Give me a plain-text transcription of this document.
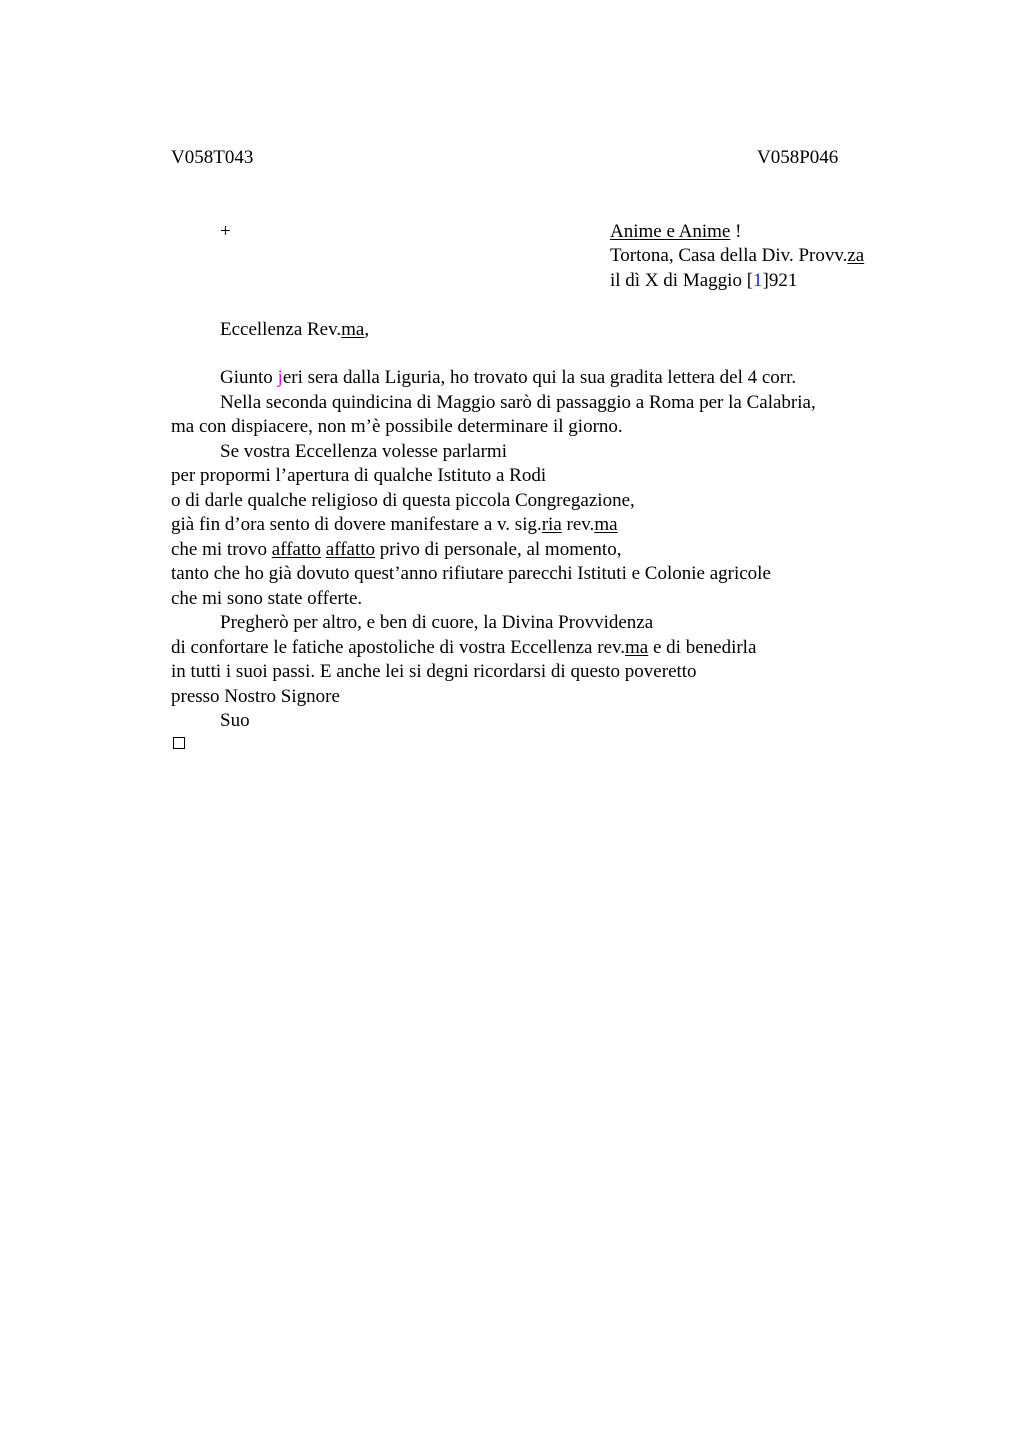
V058T043	V058P046
+	Anime e Anime !
Tortona, Casa della Div. Provv.za
il dì X di Maggio [1]921
Eccellenza Rev.ma,
Giunto jeri sera dalla Liguria, ho trovato qui la sua gradita lettera del 4 corr.
Nella seconda quindicina di Maggio sarò di passaggio a Roma per la Calabria,
ma con dispiacere, non m’è possibile determinare il giorno.
Se vostra Eccellenza volesse parlarmi
per propormi l’apertura di qualche Istituto a Rodi
o di darle qualche religioso di questa piccola Congregazione,
già fin d’ora sento di dovere manifestare a v. sig.ria rev.ma
che mi trovo affatto affatto privo di personale, al momento,
tanto che ho già dovuto quest’anno rifiutare parecchi Istituti e Colonie agricole
che mi sono state offerte.
Pregherò per altro, e ben di cuore, la Divina Provvidenza
di confortare le fatiche apostoliche di vostra Eccellenza rev.ma e di benedirla
in tutti i suoi passi. E anche lei si degni ricordarsi di questo poveretto
presso Nostro Signore
Suo
